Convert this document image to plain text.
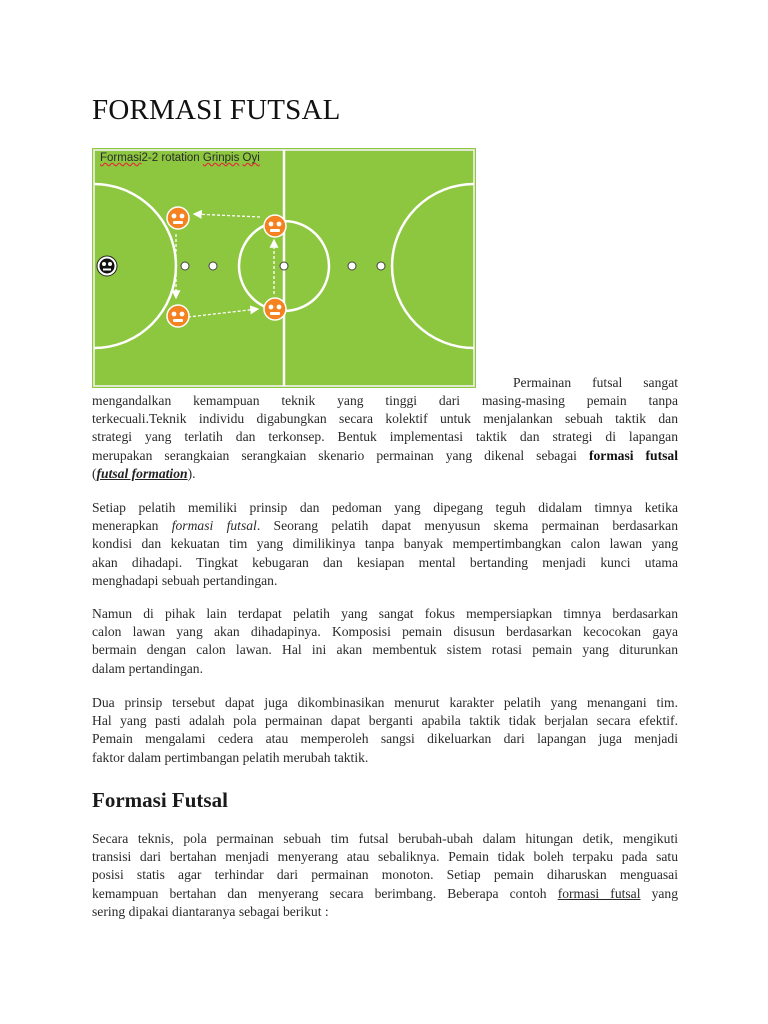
FORMASI FUTSAL
Formasi2-2 rotation Grinpis Oyi
Permainan futsal sangat
mengandalkan kemampuan teknik yang tinggi dari masing-masing pemain tanpa
terkecuali.Teknik individu digabungkan secara kolektif untuk menjalankan sebuah taktik dan
strategi yang terlatih dan terkonsep. Bentuk implementasi taktik dan strategi di lapangan
merupakan serangkaian serangkaian skenario permainan yang dikenal sebagai formasi futsal
(futsal formation).
Setiap pelatih memiliki prinsip dan pedoman yang dipegang teguh didalam timnya ketika
menerapkan formasi futsal. Seorang pelatih dapat menyusun skema permainan berdasarkan
kondisi dan kekuatan tim yang dimilikinya tanpa banyak mempertimbangkan calon lawan yang
akan dihadapi. Tingkat kebugaran dan kesiapan mental bertanding menjadi kunci utama
menghadapi sebuah pertandingan.
Namun di pihak lain terdapat pelatih yang sangat fokus mempersiapkan timnya berdasarkan
calon lawan yang akan dihadapinya. Komposisi pemain disusun berdasarkan kecocokan gaya
bermain dengan calon lawan. Hal ini akan membentuk sistem rotasi pemain yang diturunkan
dalam pertandingan.
Dua prinsip tersebut dapat juga dikombinasikan menurut karakter pelatih yang menangani tim.
Hal yang pasti adalah pola permainan dapat berganti apabila taktik tidak berjalan secara efektif.
Pemain mengalami cedera atau memperoleh sangsi dikeluarkan dari lapangan juga menjadi
faktor dalam pertimbangan pelatih merubah taktik.
Formasi Futsal
Secara teknis, pola permainan sebuah tim futsal berubah-ubah dalam hitungan detik, mengikuti
transisi dari bertahan menjadi menyerang atau sebaliknya. Pemain tidak boleh terpaku pada satu
posisi statis agar terhindar dari permainan monoton. Setiap pemain diharuskan menguasai
kemampuan bertahan dan menyerang secara berimbang. Beberapa contoh formasi futsal yang
sering dipakai diantaranya sebagai berikut :
